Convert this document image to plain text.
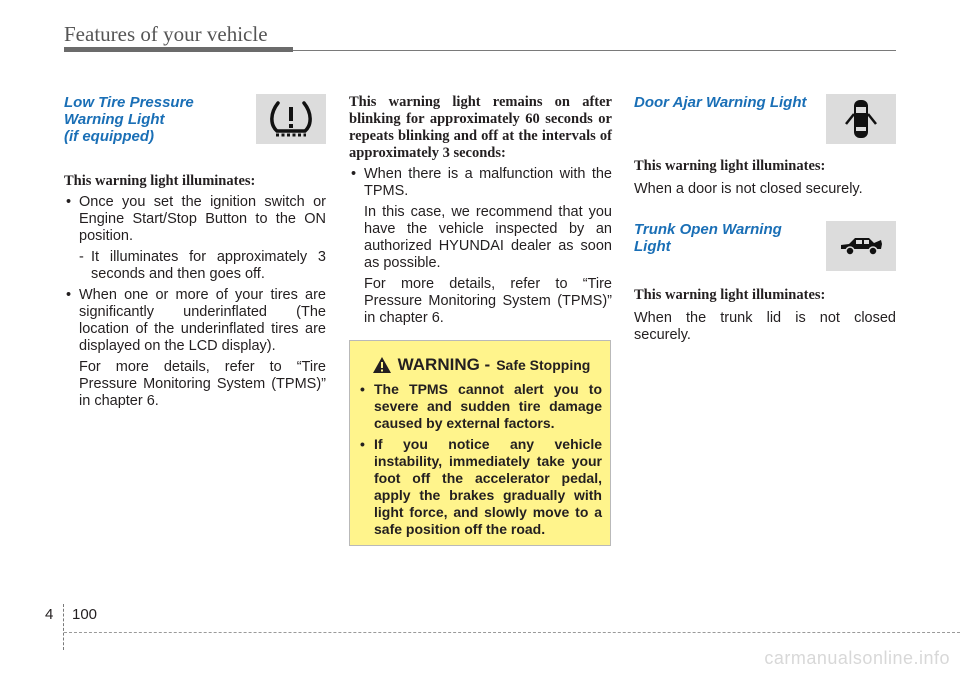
Features of your vehicle
Low Tire Pressure
Warning Light
(if equipped)

This warning light illuminates:

• Once you set the ignition switch or Engine Start/Stop Button to the ON position.
- It illuminates for approximately 3 seconds and then goes off.
• When one or more of your tires are significantly underinflated (The location of the underinflated tires are displayed on the LCD display).
For more details, refer to “Tire Pressure Monitoring System (TPMS)” in chapter 6.

This warning light remains on after blinking for approximately 60 seconds or repeats blinking and off at the intervals of approximately 3 seconds:

• When there is a malfunction with the TPMS.
In this case, we recommend that you have the vehicle inspected by an authorized HYUNDAI dealer as soon as possible.
For more details, refer to “Tire Pressure Monitoring System (TPMS)” in chapter 6.
WARNING - Safe Stopping
• The TPMS cannot alert you to severe and sudden tire damage caused by external factors.
• If you notice any vehicle instability, immediately take your foot off the accelerator pedal, apply the brakes gradually with light force, and slowly move to a safe position off the road.
Door Ajar Warning Light

This warning light illuminates:

When a door is not closed securely.

Trunk Open Warning
Light

This warning light illuminates:

When the trunk lid is not closed securely.

4 100
carmanualsonline.info
